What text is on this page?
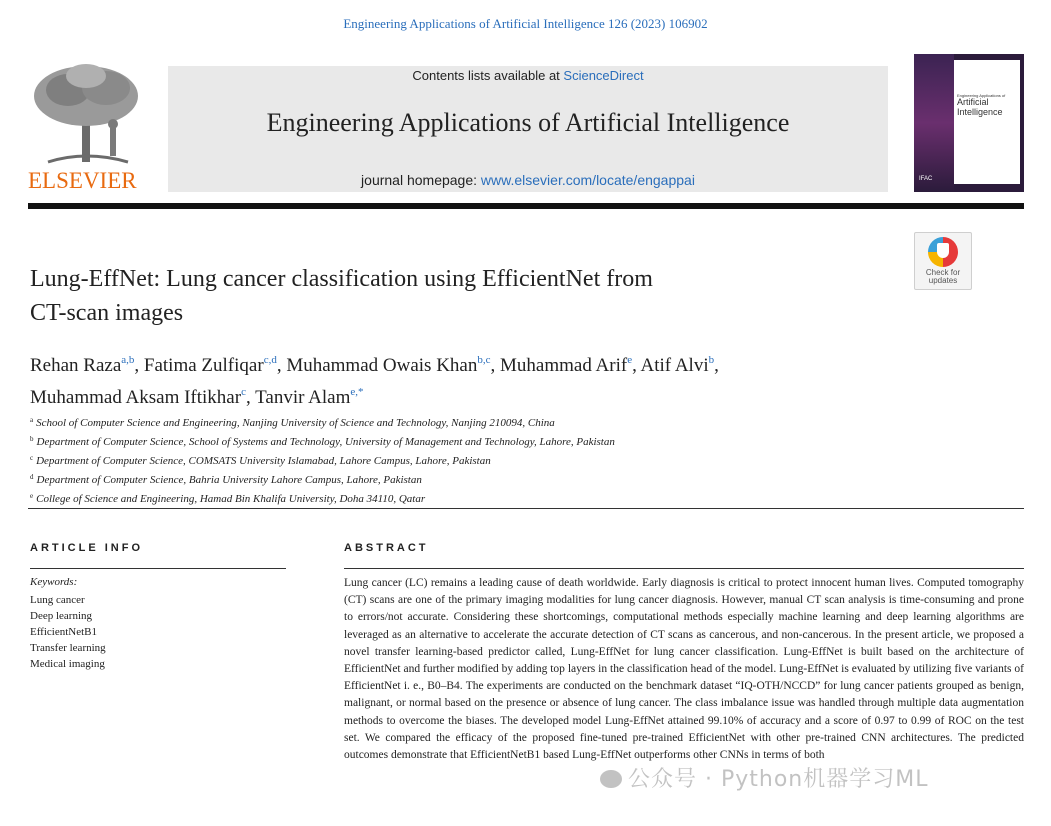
Engineering Applications of Artificial Intelligence 126 (2023) 106902
ELSEVIER
Contents lists available at ScienceDirect
Engineering Applications of Artificial Intelligence
journal homepage: www.elsevier.com/locate/engappai
Engineering Applications of
Artificial
Intelligence
IFAC
Check for
updates
Lung-EffNet: Lung cancer classification using EfficientNet from
CT-scan images
Rehan Raza$^{a,b}$, Fatima Zulfiqar$^{c,d}$, Muhammad Owais Khan$^{b,c}$, Muhammad Arif$^e$, Atif Alvi$^b$,
Muhammad Aksam Iftikhar$^c$, Tanvir Alam$^{e,*}$
$^a$ School of Computer Science and Engineering, Nanjing University of Science and Technology, Nanjing 210094, China
$^b$ Department of Computer Science, School of Systems and Technology, University of Management and Technology, Lahore, Pakistan
$^c$ Department of Computer Science, COMSATS University Islamabad, Lahore Campus, Lahore, Pakistan
$^d$ Department of Computer Science, Bahria University Lahore Campus, Lahore, Pakistan
$^e$ College of Science and Engineering, Hamad Bin Khalifa University, Doha 34110, Qatar
ARTICLE INFO
Keywords:
Lung cancer
Deep learning
EfficientNetB1
Transfer learning
Medical imaging
ABSTRACT
Lung cancer (LC) remains a leading cause of death worldwide. Early diagnosis is critical to protect innocent human lives. Computed tomography (CT) scans are one of the primary imaging modalities for lung cancer diagnosis. However, manual CT scan analysis is time-consuming and prone to errors/not accurate. Considering these shortcomings, computational methods especially machine learning and deep learning algorithms are leveraged as an alternative to accelerate the accurate detection of CT scans as cancerous, and non-cancerous. In the present article, we proposed a novel transfer learning-based predictor called, Lung-EffNet for lung cancer classification. Lung-EffNet is built based on the architecture of EfficientNet and further modified by adding top layers in the classification head of the model. Lung-EffNet is evaluated by utilizing five variants of EfficientNet i. e., B0–B4. The experiments are conducted on the benchmark dataset “IQ-OTH/NCCD” for lung cancer patients grouped as benign, malignant, or normal based on the presence or absence of lung cancer. The class imbalance issue was handled through multiple data augmentation methods to overcome the biases. The developed model Lung-EffNet attained 99.10% of accuracy and a score of 0.97 to 0.99 of ROC on the test set. We compared the efficacy of the proposed fine-tuned pre-trained EfficientNet with other pre-trained CNN architectures. The predicted outcomes demonstrate that EfficientNetB1 based Lung-EffNet outperforms other CNNs in terms of both
公众号 · Python机器学习ML
